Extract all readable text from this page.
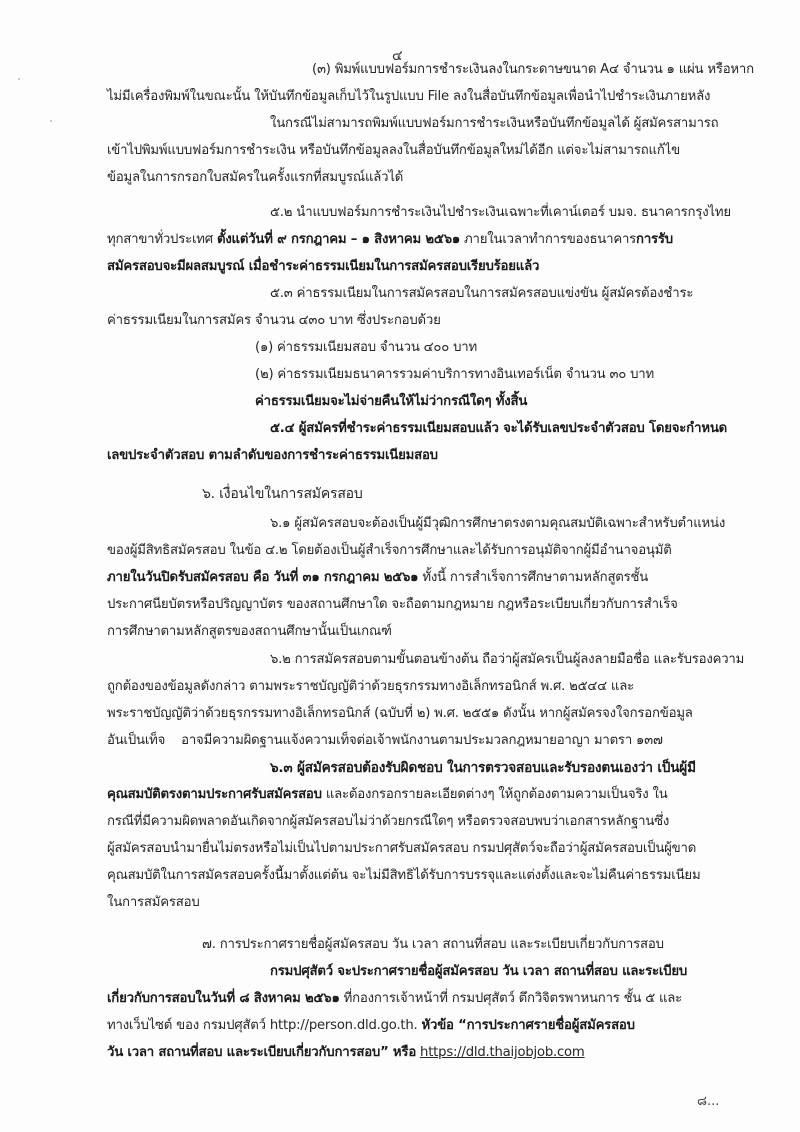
๔
(๓) พิมพ์แบบฟอร์มการชำระเงินลงในกระดาษขนาด A๔ จำนวน ๑ แผ่น หรือหาก
ไม่มีเครื่องพิมพ์ในขณะนั้น ให้บันทึกข้อมูลเก็บไว้ในรูปแบบ File ลงในสื่อบันทึกข้อมูลเพื่อนำไปชำระเงินภายหลัง
ในกรณีไม่สามารถพิมพ์แบบฟอร์มการชำระเงินหรือบันทึกข้อมูลได้ ผู้สมัครสามารถ
เข้าไปพิมพ์แบบฟอร์มการชำระเงิน หรือบันทึกข้อมูลลงในสื่อบันทึกข้อมูลใหม่ได้อีก แต่จะไม่สามารถแก้ไข
ข้อมูลในการกรอกใบสมัครในครั้งแรกที่สมบูรณ์แล้วได้
๕.๒ นำแบบฟอร์มการชำระเงินไปชำระเงินเฉพาะที่เคาน์เตอร์ บมจ. ธนาคารกรุงไทย
ทุกสาขาทั่วประเทศ ตั้งแต่วันที่ ๙ กรกฎาคม – ๑ สิงหาคม ๒๕๖๑ ภายในเวลาทำการของธนาคารการรับ
สมัครสอบจะมีผลสมบูรณ์ เมื่อชำระค่าธรรมเนียมในการสมัครสอบเรียบร้อยแล้ว
๕.๓ ค่าธรรมเนียมในการสมัครสอบในการสมัครสอบแข่งขัน ผู้สมัครต้องชำระ
ค่าธรรมเนียมในการสมัคร จำนวน ๔๓๐ บาท ซึ่งประกอบด้วย
(๑) ค่าธรรมเนียมสอบ จำนวน ๔๐๐ บาท
(๒) ค่าธรรมเนียมธนาคารรวมค่าบริการทางอินเทอร์เน็ต จำนวน ๓๐ บาท
ค่าธรรมเนียมจะไม่จ่ายคืนให้ไม่ว่ากรณีใดๆ ทั้งสิ้น
๕.๔ ผู้สมัครที่ชำระค่าธรรมเนียมสอบแล้ว จะได้รับเลขประจำตัวสอบ โดยจะกำหนด
เลขประจำตัวสอบ ตามลำดับของการชำระค่าธรรมเนียมสอบ
๖. เงื่อนไขในการสมัครสอบ
๖.๑ ผู้สมัครสอบจะต้องเป็นผู้มีวุฒิการศึกษาตรงตามคุณสมบัติเฉพาะสำหรับตำแหน่ง
ของผู้มีสิทธิสมัครสอบ ในข้อ ๔.๒ โดยต้องเป็นผู้สำเร็จการศึกษาและได้รับการอนุมัติจากผู้มีอำนาจอนุมัติ
ภายในวันปิดรับสมัครสอบ คือ วันที่ ๓๑ กรกฎาคม ๒๕๖๑ ทั้งนี้ การสำเร็จการศึกษาตามหลักสูตรชั้น
ประกาศนียบัตรหรือปริญญาบัตร ของสถานศึกษาใด จะถือตามกฎหมาย กฎหรือระเบียบเกี่ยวกับการสำเร็จ
การศึกษาตามหลักสูตรของสถานศึกษานั้นเป็นเกณฑ์
๖.๒ การสมัครสอบตามขั้นตอนข้างต้น ถือว่าผู้สมัครเป็นผู้ลงลายมือชื่อ และรับรองความ
ถูกต้องของข้อมูลดังกล่าว ตามพระราชบัญญัติว่าด้วยธุรกรรมทางอิเล็กทรอนิกส์ พ.ศ. ๒๕๔๔ และ
พระราชบัญญัติว่าด้วยธุรกรรมทางอิเล็กทรอนิกส์ (ฉบับที่ ๒) พ.ศ. ๒๕๕๑ ดังนั้น หากผู้สมัครจงใจกรอกข้อมูล
อันเป็นเท็จ    อาจมีความผิดฐานแจ้งความเท็จต่อเจ้าพนักงานตามประมวลกฎหมายอาญา มาตรา ๑๓๗
๖.๓ ผู้สมัครสอบต้องรับผิดชอบ ในการตรวจสอบและรับรองตนเองว่า เป็นผู้มี
คุณสมบัติตรงตามประกาศรับสมัครสอบ และต้องกรอกรายละเอียดต่างๆ ให้ถูกต้องตามความเป็นจริง ใน
กรณีที่มีความผิดพลาดอันเกิดจากผู้สมัครสอบไม่ว่าด้วยกรณีใดๆ หรือตรวจสอบพบว่าเอกสารหลักฐานซึ่ง
ผู้สมัครสอบนำมายื่นไม่ตรงหรือไม่เป็นไปตามประกาศรับสมัครสอบ กรมปศุสัตว์จะถือว่าผู้สมัครสอบเป็นผู้ขาด
คุณสมบัติในการสมัครสอบครั้งนี้มาตั้งแต่ต้น จะไม่มีสิทธิได้รับการบรรจุและแต่งตั้งและจะไม่คืนค่าธรรมเนียม
ในการสมัครสอบ
๗. การประกาศรายชื่อผู้สมัครสอบ วัน เวลา สถานที่สอบ และระเบียบเกี่ยวกับการสอบ
กรมปศุสัตว์ จะประกาศรายชื่อผู้สมัครสอบ วัน เวลา สถานที่สอบ และระเบียบ
เกี่ยวกับการสอบในวันที่ ๘ สิงหาคม ๒๕๖๑ ที่กองการเจ้าหน้าที่ กรมปศุสัตว์ ตึกวิจิตรพาหนการ ชั้น ๕ และ
ทางเว็บไซต์ ของ กรมปศุสัตว์ http://person.dld.go.th. หัวข้อ “การประกาศรายชื่อผู้สมัครสอบ
วัน เวลา สถานที่สอบ และระเบียบเกี่ยวกับการสอบ” หรือ https://dld.thaijobjob.com
๘...
